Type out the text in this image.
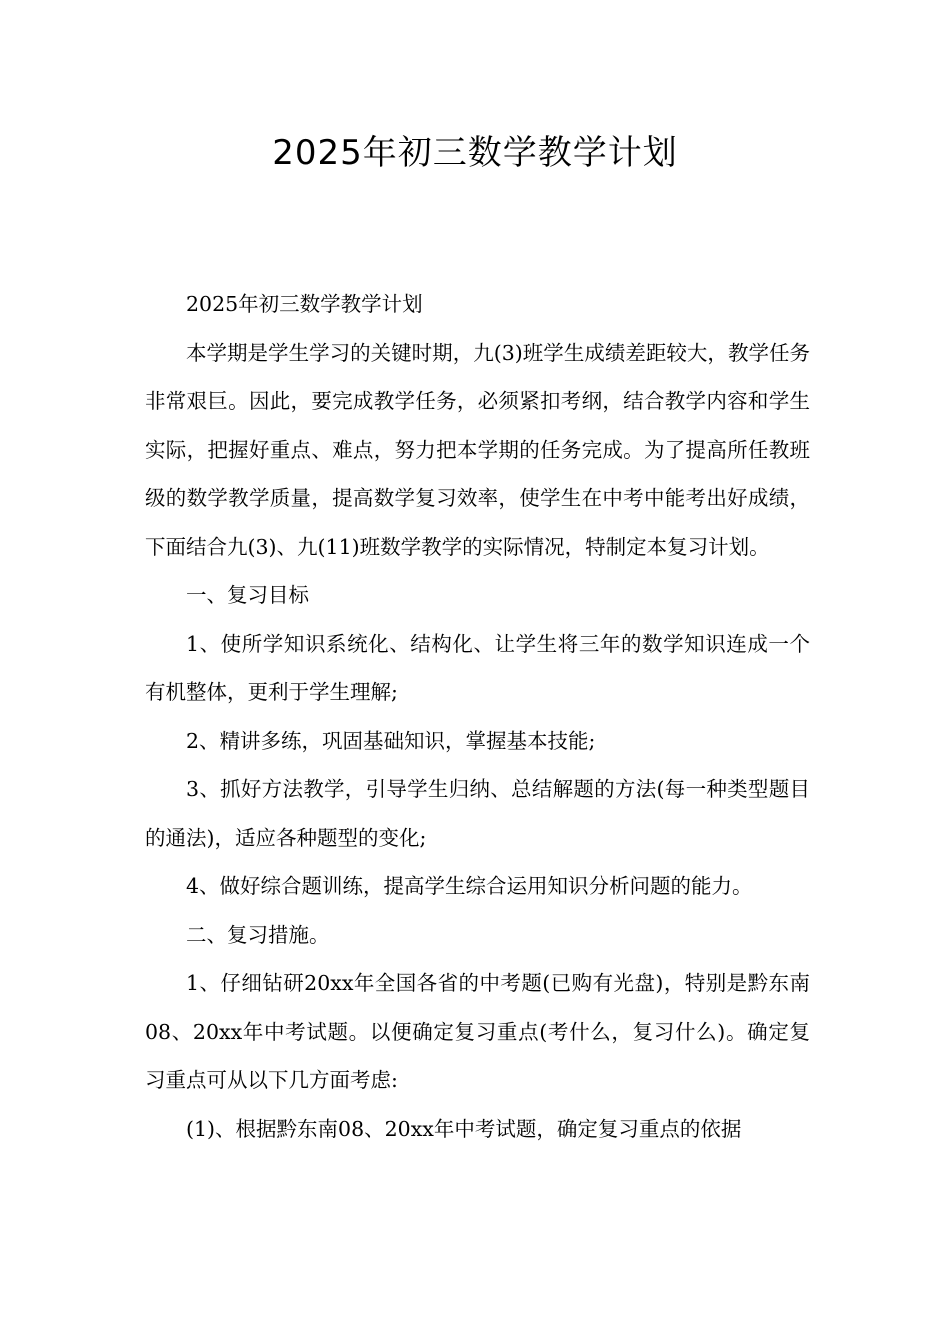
2025年初三数学教学计划

2025年初三数学教学计划

本学期是学生学习的关键时期，九(3)班学生成绩差距较大，教学任务非常艰巨。因此，要完成教学任务，必须紧扣考纲，结合教学内容和学生实际，把握好重点、难点，努力把本学期的任务完成。为了提高所任教班级的数学教学质量，提高数学复习效率，使学生在中考中能考出好成绩，下面结合九(3)、九(11)班数学教学的实际情况，特制定本复习计划。

一、复习目标

1、使所学知识系统化、结构化、让学生将三年的数学知识连成一个有机整体，更利于学生理解;

2、精讲多练，巩固基础知识，掌握基本技能;

3、抓好方法教学，引导学生归纳、总结解题的方法(每一种类型题目的通法)，适应各种题型的变化;

4、做好综合题训练，提高学生综合运用知识分析问题的能力。

二、复习措施。

1、仔细钻研20xx年全国各省的中考题(已购有光盘)，特别是黔东南08、20xx年中考试题。以便确定复习重点(考什么，复习什么)。确定复习重点可从以下几方面考虑:

(1)、根据黔东南08、20xx年中考试题，确定复习重点的依据
